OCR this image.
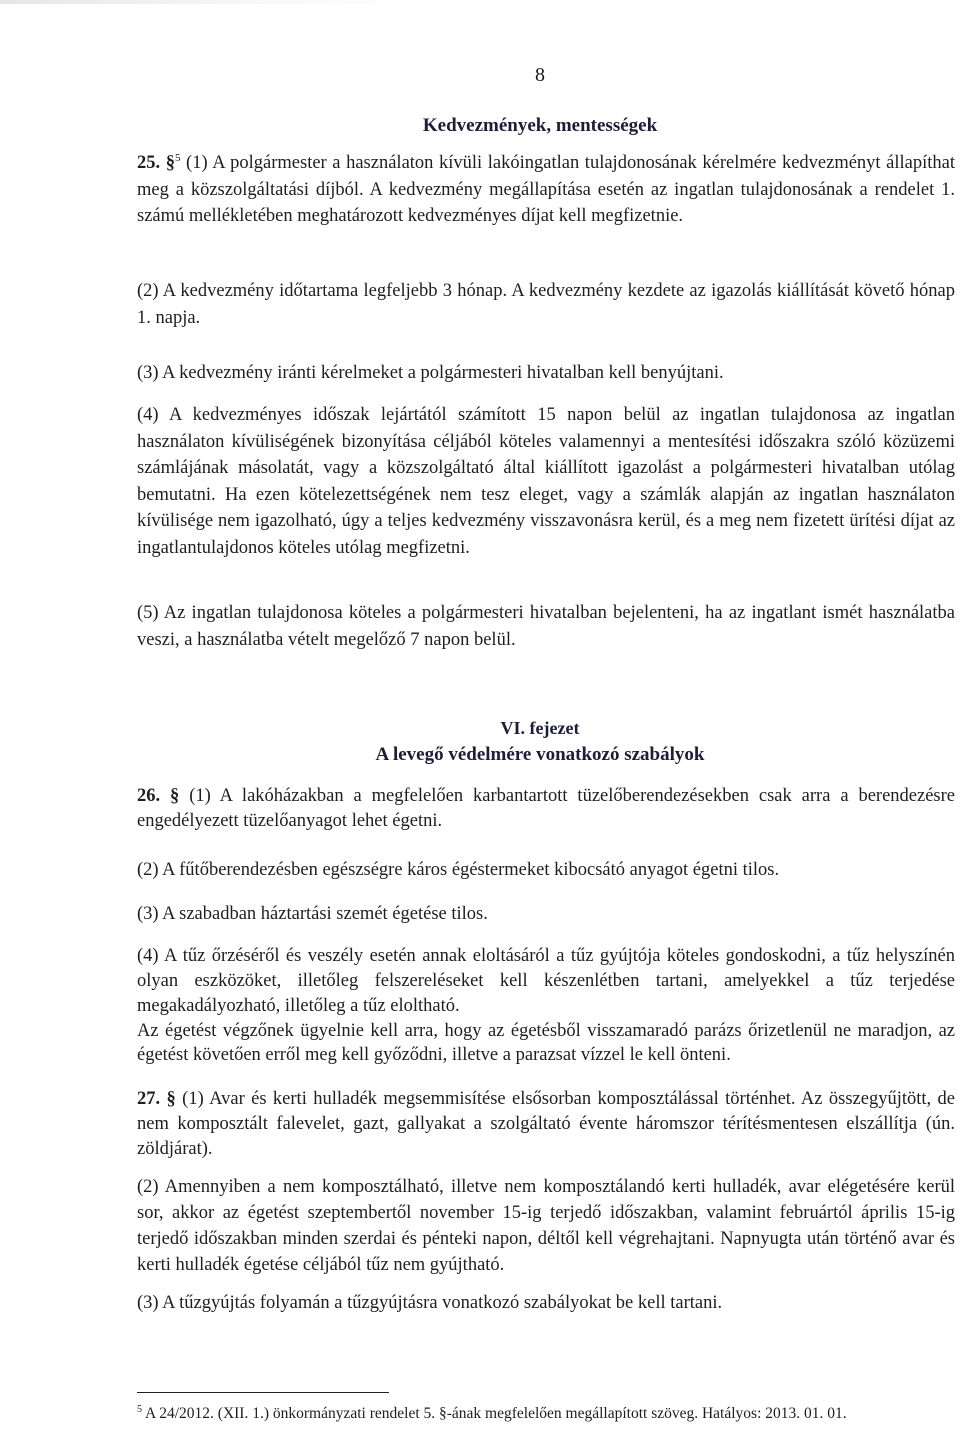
8
Kedvezmények, mentességek
25. §$^5$ (1) A polgármester a használaton kívüli lakóingatlan tulajdonosának kérelmére kedvezményt állapíthat meg a közszolgáltatási díjból. A kedvezmény megállapítása esetén az ingatlan tulajdonosának a rendelet 1. számú mellékletében meghatározott kedvezményes díjat kell megfizetnie.
(2) A kedvezmény időtartama legfeljebb 3 hónap. A kedvezmény kezdete az igazolás kiállítását követő hónap 1. napja.
(3) A kedvezmény iránti kérelmeket a polgármesteri hivatalban kell benyújtani.
(4) A kedvezményes időszak lejártától számított 15 napon belül az ingatlan tulajdonosa az ingatlan használaton kívüliségének bizonyítása céljából köteles valamennyi a mentesítési időszakra szóló közüzemi számlájának másolatát, vagy a közszolgáltató által kiállított igazolást a polgármesteri hivatalban utólag bemutatni. Ha ezen kötelezettségének nem tesz eleget, vagy a számlák alapján az ingatlan használaton kívülisége nem igazolható, úgy a teljes kedvezmény visszavonásra kerül, és a meg nem fizetett ürítési díjat az ingatlantulajdonos köteles utólag megfizetni.
(5) Az ingatlan tulajdonosa köteles a polgármesteri hivatalban bejelenteni, ha az ingatlant ismét használatba veszi, a használatba vételt megelőző 7 napon belül.
VI. fejezet
A levegő védelmére vonatkozó szabályok
26. § (1) A lakóházakban a megfelelően karbantartott tüzelőberendezésekben csak arra a berendezésre engedélyezett tüzelőanyagot lehet égetni.
(2) A fűtőberendezésben egészségre káros égéstermeket kibocsátó anyagot égetni tilos.
(3) A szabadban háztartási szemét égetése tilos.
(4) A tűz őrzéséről és veszély esetén annak eloltásáról a tűz gyújtója köteles gondoskodni, a tűz helyszínén olyan eszközöket, illetőleg felszereléseket kell készenlétben tartani, amelyekkel a tűz terjedése megakadályozható, illetőleg a tűz eloltható.
Az égetést végzőnek ügyelnie kell arra, hogy az égetésből visszamaradó parázs őrizetlenül ne maradjon, az égetést követően erről meg kell győződni, illetve a parazsat vízzel le kell önteni.
27. § (1) Avar és kerti hulladék megsemmisítése elsősorban komposztálással történhet. Az összegyűjtött, de nem komposztált falevelet, gazt, gallyakat a szolgáltató évente háromszor térítésmentesen elszállítja (ún. zöldjárat).
(2) Amennyiben a nem komposztálható, illetve nem komposztálandó kerti hulladék, avar elégetésére kerül sor, akkor az égetést szeptembertől november 15-ig terjedő időszakban, valamint februártól április 15-ig terjedő időszakban minden szerdai és pénteki napon, déltől kell végrehajtani. Napnyugta után történő avar és kerti hulladék égetése céljából tűz nem gyújtható.
(3) A tűzgyújtás folyamán a tűzgyújtásra vonatkozó szabályokat be kell tartani.
$^5$ A 24/2012. (XII. 1.) önkormányzati rendelet 5. §-ának megfelelően megállapított szöveg. Hatályos: 2013. 01. 01.
